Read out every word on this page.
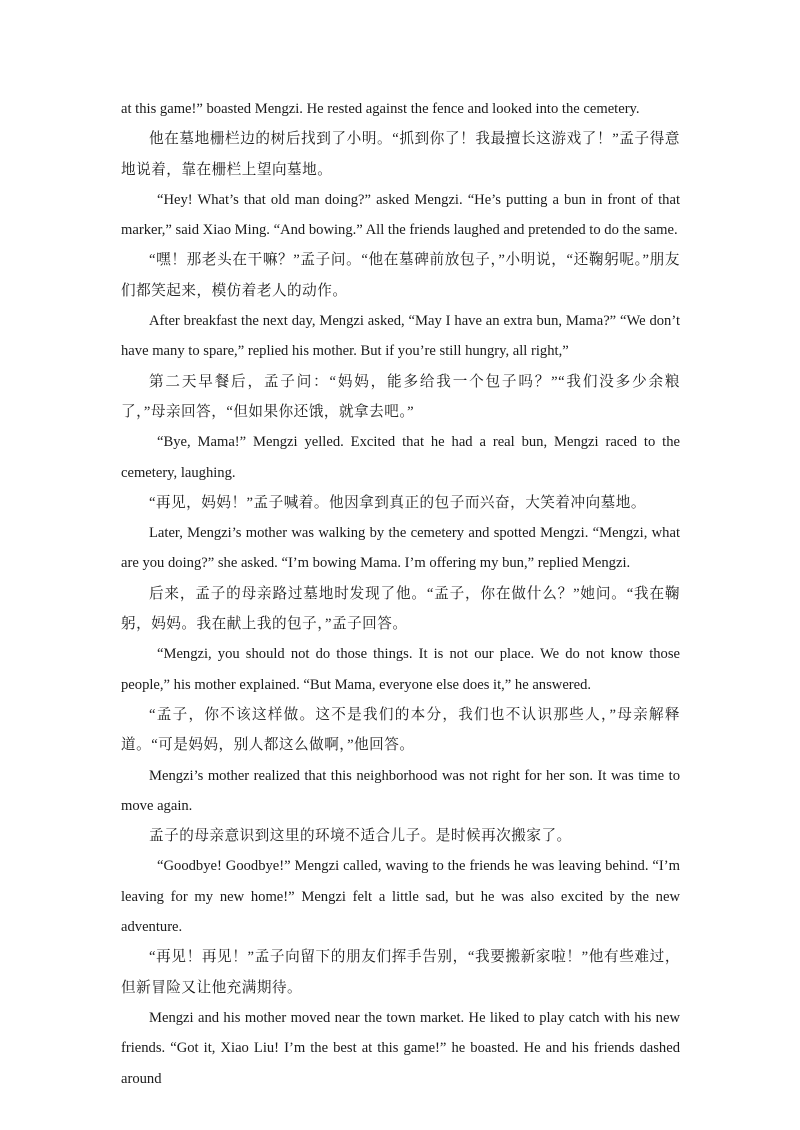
at this game!” boasted Mengzi. He rested against the fence and looked into the cemetery.

他在墓地栅栏边的树后找到了小明。“抓到你了！我最擅长这游戏了！”孟子得意地说着，靠在栅栏上望向墓地。

“Hey! What’s that old man doing?” asked Mengzi. “He’s putting a bun in front of that marker,” said Xiao Ming. “And bowing.” All the friends laughed and pretended to do the same.

“嘿！那老头在干嘛？”孟子问。“他在墓碑前放包子，”小明说，“还鞠躬呢。”朋友们都笑起来，模仿着老人的动作。

After breakfast the next day, Mengzi asked, “May I have an extra bun, Mama?” “We don’t have many to spare,” replied his mother. But if you’re still hungry, all right,”

第二天早餐后，孟子问：“妈妈，能多给我一个包子吗？”“我们没多少余粮了，”母亲回答，“但如果你还饿，就拿去吧。”

“Bye, Mama!” Mengzi yelled. Excited that he had a real bun, Mengzi raced to the cemetery, laughing.

“再见，妈妈！”孟子喊着。他因拿到真正的包子而兴奋，大笑着冲向墓地。

Later, Mengzi’s mother was walking by the cemetery and spotted Mengzi. “Mengzi, what are you doing?” she asked. “I’m bowing Mama. I’m offering my bun,” replied Mengzi.

后来，孟子的母亲路过墓地时发现了他。“孟子，你在做什么？”她问。“我在鞠躬，妈妈。我在献上我的包子，”孟子回答。

“Mengzi, you should not do those things. It is not our place. We do not know those people,” his mother explained. “But Mama, everyone else does it,” he answered.

“孟子，你不该这样做。这不是我们的本分，我们也不认识那些人，”母亲解释道。“可是妈妈，别人都这么做啊，”他回答。

Mengzi’s mother realized that this neighborhood was not right for her son. It was time to move again.

孟子的母亲意识到这里的环境不适合儿子。是时候再次搬家了。

“Goodbye! Goodbye!” Mengzi called, waving to the friends he was leaving behind. “I’m leaving for my new home!” Mengzi felt a little sad, but he was also excited by the new adventure.

“再见！再见！”孟子向留下的朋友们挥手告别，“我要搬新家啦！”他有些难过，但新冒险又让他充满期待。

Mengzi and his mother moved near the town market. He liked to play catch with his new friends. “Got it, Xiao Liu! I’m the best at this game!” he boasted. He and his friends dashed around
